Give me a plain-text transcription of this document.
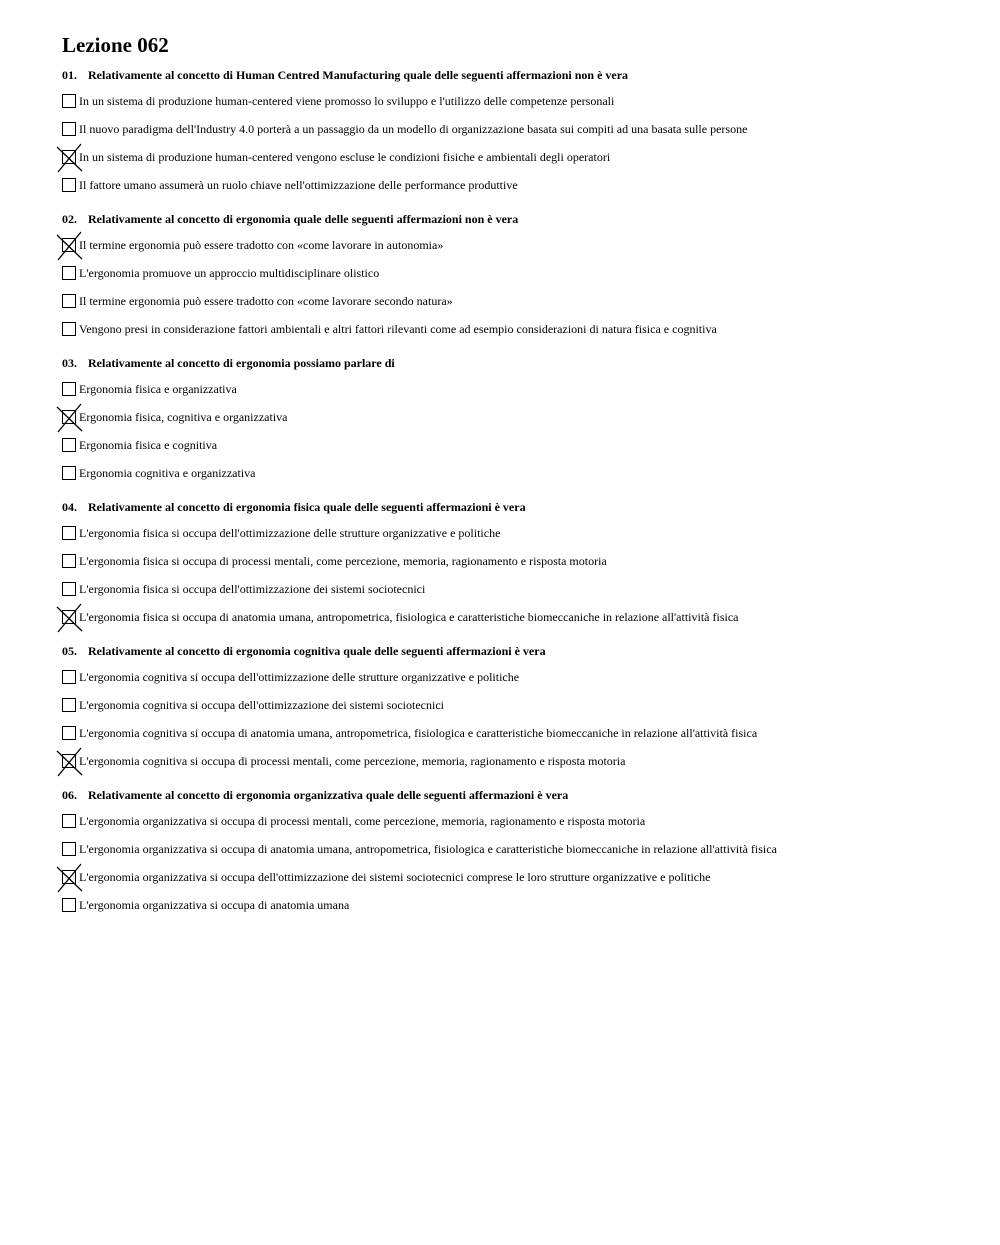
Lezione 062
01. Relativamente al concetto di Human Centred Manufacturing quale delle seguenti affermazioni non è vera
In un sistema di produzione human-centered viene promosso lo sviluppo e l'utilizzo delle competenze personali
Il nuovo paradigma dell'Industry 4.0 porterà a un passaggio da un modello di organizzazione basata sui compiti ad una basata sulle persone
In un sistema di produzione human-centered vengono escluse le condizioni fisiche e ambientali degli operatori
Il fattore umano assumerà un ruolo chiave nell'ottimizzazione delle performance produttive
02. Relativamente al concetto di ergonomia quale delle seguenti affermazioni non è vera
Il termine ergonomia può essere tradotto con «come lavorare in autonomia»
L'ergonomia promuove un approccio multidisciplinare olistico
Il termine ergonomia può essere tradotto con «come lavorare secondo natura»
Vengono presi in considerazione fattori ambientali e altri fattori rilevanti come ad esempio considerazioni di natura fisica e cognitiva
03. Relativamente al concetto di ergonomia possiamo parlare di
Ergonomia fisica e organizzativa
Ergonomia fisica, cognitiva e organizzativa
Ergonomia fisica e cognitiva
Ergonomia cognitiva e organizzativa
04. Relativamente al concetto di ergonomia fisica quale delle seguenti affermazioni è vera
L'ergonomia fisica si occupa dell'ottimizzazione delle strutture organizzative e politiche
L'ergonomia fisica si occupa di processi mentali, come percezione, memoria, ragionamento e risposta motoria
L'ergonomia fisica si occupa dell'ottimizzazione dei sistemi sociotecnici
L'ergonomia fisica si occupa di anatomia umana, antropometrica, fisiologica e caratteristiche biomeccaniche in relazione all'attività fisica
05. Relativamente al concetto di ergonomia cognitiva quale delle seguenti affermazioni è vera
L'ergonomia cognitiva si occupa dell'ottimizzazione delle strutture organizzative e politiche
L'ergonomia cognitiva si occupa dell'ottimizzazione dei sistemi sociotecnici
L'ergonomia cognitiva si occupa di anatomia umana, antropometrica, fisiologica e caratteristiche biomeccaniche in relazione all'attività fisica
L'ergonomia cognitiva si occupa di processi mentali, come percezione, memoria, ragionamento e risposta motoria
06. Relativamente al concetto di ergonomia organizzativa quale delle seguenti affermazioni è vera
L'ergonomia organizzativa si occupa di processi mentali, come percezione, memoria, ragionamento e risposta motoria
L'ergonomia organizzativa si occupa di anatomia umana, antropometrica, fisiologica e caratteristiche biomeccaniche in relazione all'attività fisica
L'ergonomia organizzativa si occupa dell'ottimizzazione dei sistemi sociotecnici comprese le loro strutture organizzative e politiche
L'ergonomia organizzativa si occupa di anatomia umana
